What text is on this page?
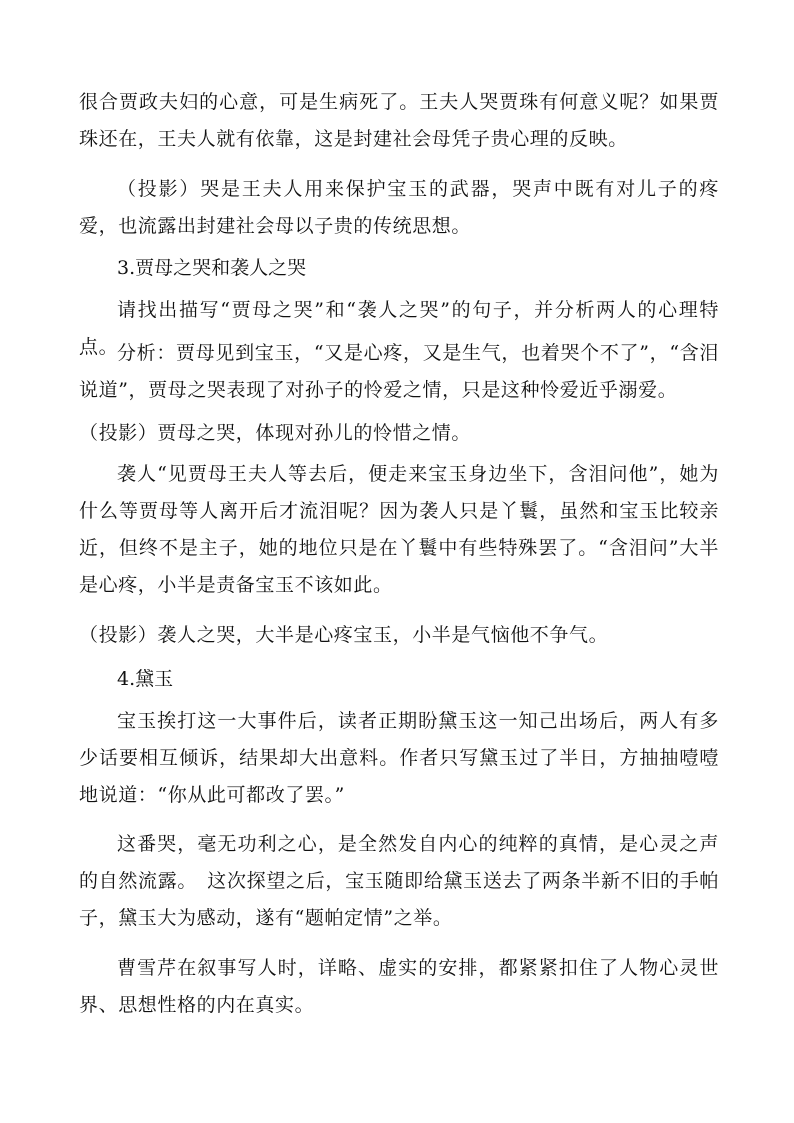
很合贾政夫妇的心意，可是生病死了。王夫人哭贾珠有何意义呢？如果贾珠还在，王夫人就有依靠，这是封建社会母凭子贵心理的反映。

（投影）哭是王夫人用来保护宝玉的武器，哭声中既有对儿子的疼爱，也流露出封建社会母以子贵的传统思想。

3.贾母之哭和袭人之哭

请找出描写“贾母之哭”和“袭人之哭”的句子，并分析两人的心理特点。

分析：贾母见到宝玉，“又是心疼，又是生气，也着哭个不了”，“含泪说道”，贾母之哭表现了对孙子的怜爱之情，只是这种怜爱近乎溺爱。

（投影）贾母之哭，体现对孙儿的怜惜之情。

袭人“见贾母王夫人等去后，便走来宝玉身边坐下，含泪问他”，她为什么等贾母等人离开后才流泪呢？因为袭人只是丫鬟，虽然和宝玉比较亲近，但终不是主子，她的地位只是在丫鬟中有些特殊罢了。“含泪问”大半是心疼，小半是责备宝玉不该如此。

（投影）袭人之哭，大半是心疼宝玉，小半是气恼他不争气。

4.黛玉

宝玉挨打这一大事件后，读者正期盼黛玉这一知己出场后，两人有多少话要相互倾诉，结果却大出意料。作者只写黛玉过了半日，方抽抽噎噎地说道：“你从此可都改了罢。”

这番哭，毫无功利之心，是全然发自内心的纯粹的真情，是心灵之声的自然流露。　这次探望之后，宝玉随即给黛玉送去了两条半新不旧的手帕子，黛玉大为感动，遂有“题帕定情”之举。

曹雪芹在叙事写人时，详略、虚实的安排，都紧紧扣住了人物心灵世界、思想性格的内在真实。
